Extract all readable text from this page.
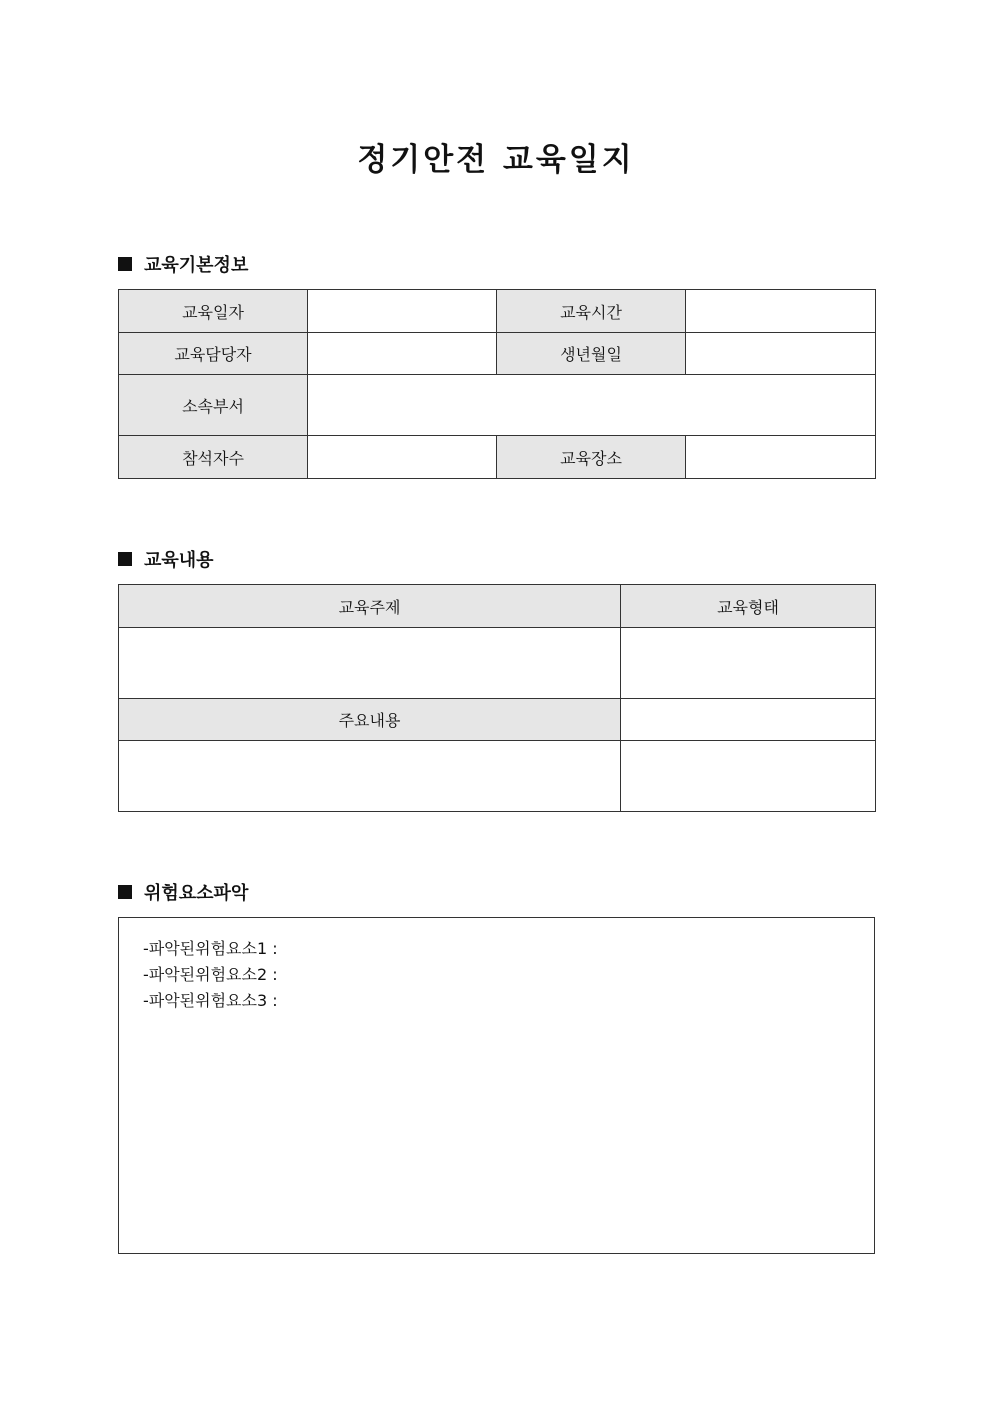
정기안전 교육일지
교육기본정보
교육일자		교육시간	
교육담당자		생년월일	
소속부서			
참석자수		교육장소	
교육내용
교육주제	교육형태

주요내용	

위험요소파악
-파악된위험요소1 :
-파악된위험요소2 :
-파악된위험요소3 :
